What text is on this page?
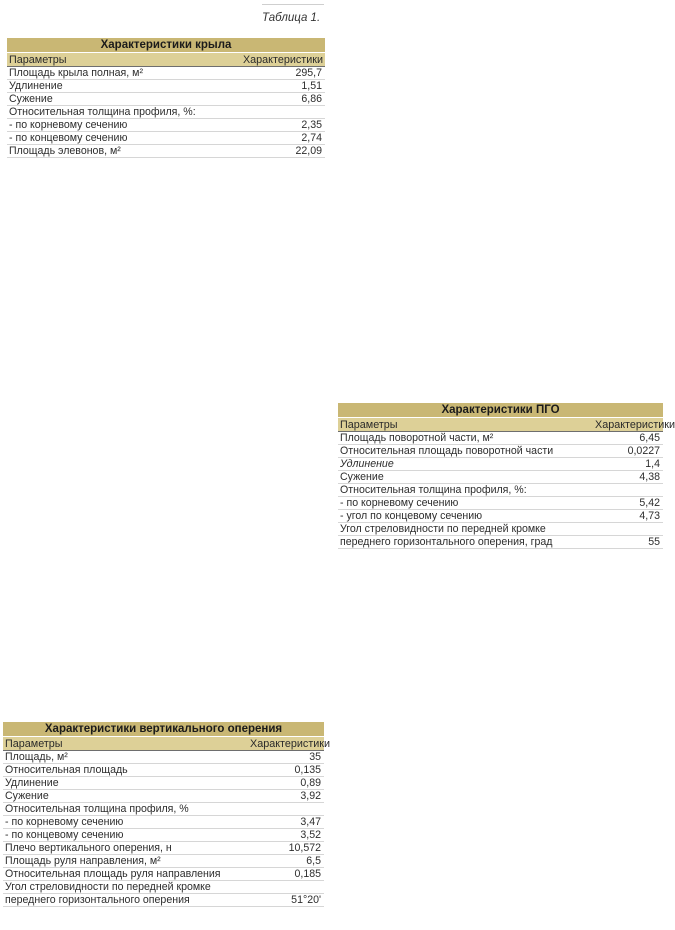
Таблица 1.
Характеристики крыла	
Параметры	Характеристики
Площадь крыла полная, м²	295,7
Удлинение	1,51
Сужение	6,86
Относительная толщина профиля, %:	
- по корневому сечению	2,35
- по концевому сечению	2,74
Площадь элевонов, м²	22,09
Характеристики ПГО	
Параметры	Характеристики
Площадь поворотной части, м²	6,45
Относительная площадь поворотной части	0,0227
Удлинение	1,4
Сужение	4,38
Относительная толщина профиля, %:	
- по корневому сечению	5,42
- угол по концевому сечению	4,73
Угол стреловидности по передней кромке	
переднего горизонтального оперения, град	55
Характеристики вертикального оперения	
Параметры	Характеристики
Площадь, м²	35
Относительная площадь	0,135
Удлинение	0,89
Сужение	3,92
Относительная толщина профиля, %	
- по корневому сечению	3,47
- по концевому сечению	3,52
Плечо вертикального оперения, н	10,572
Площадь руля направления, м²	6,5
Относительная площадь руля направления	0,185
Угол стреловидности по передней кромке	
переднего горизонтального оперения	51°20'
